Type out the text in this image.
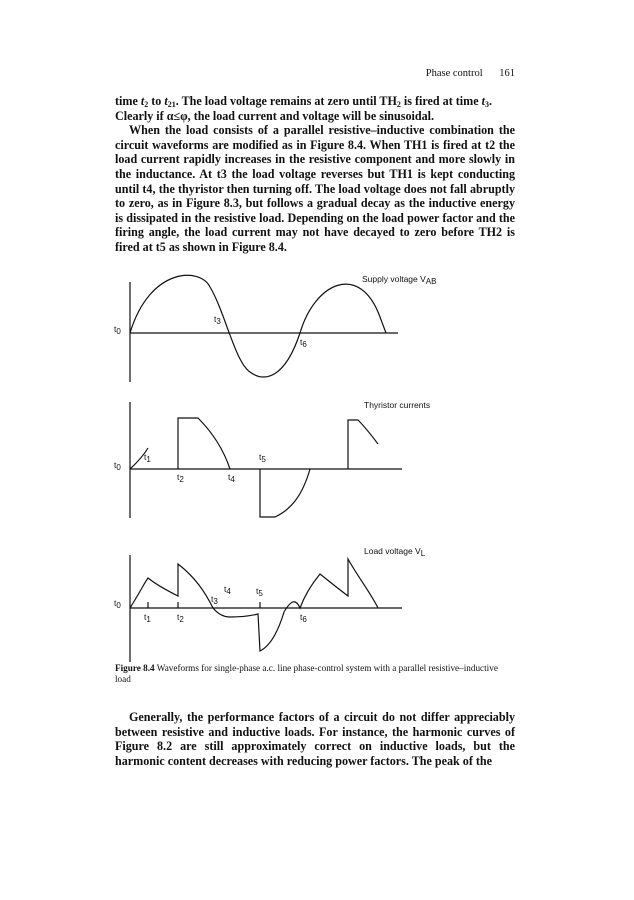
Phase control 161
time $t_2$ to $t_{21}$. The load voltage remains at zero until $TH_2$ is fired at time $t_3$.
Clearly if α≤φ, the load current and voltage will be sinusoidal.
When the load consists of a parallel resistive–inductive combination the circuit waveforms are modified as in Figure 8.4. When TH1 is fired at t2 the load current rapidly increases in the resistive component and more slowly in the inductance. At t3 the load voltage reverses but TH1 is kept conducting until t4, the thyristor then turning off. The load voltage does not fall abruptly to zero, as in Figure 8.3, but follows a gradual decay as the inductive energy is dissipated in the resistive load. Depending on the load power factor and the firing angle, the load current may not have decayed to zero before TH2 is fired at t5 as shown in Figure 8.4.
Supply voltage $V_{AB}$
$t_0$
$t_3$
$t_6$
Thyristor currents
$t_0$
$t_1$
$t_2$	$t_4$
$t_5$
Load voltage $V_L$
$t_0$
$t_1$	$t_2$
$t_3$
$t_4$	$t_5$
$t_6$

Figure 8.4 Waveforms for single-phase a.c. line phase-control system with a parallel resistive–inductive load

Generally, the performance factors of a circuit do not differ appreciably between resistive and inductive loads. For instance, the harmonic curves of Figure 8.2 are still approximately correct on inductive loads, but the harmonic content decreases with reducing power factors. The peak of the
